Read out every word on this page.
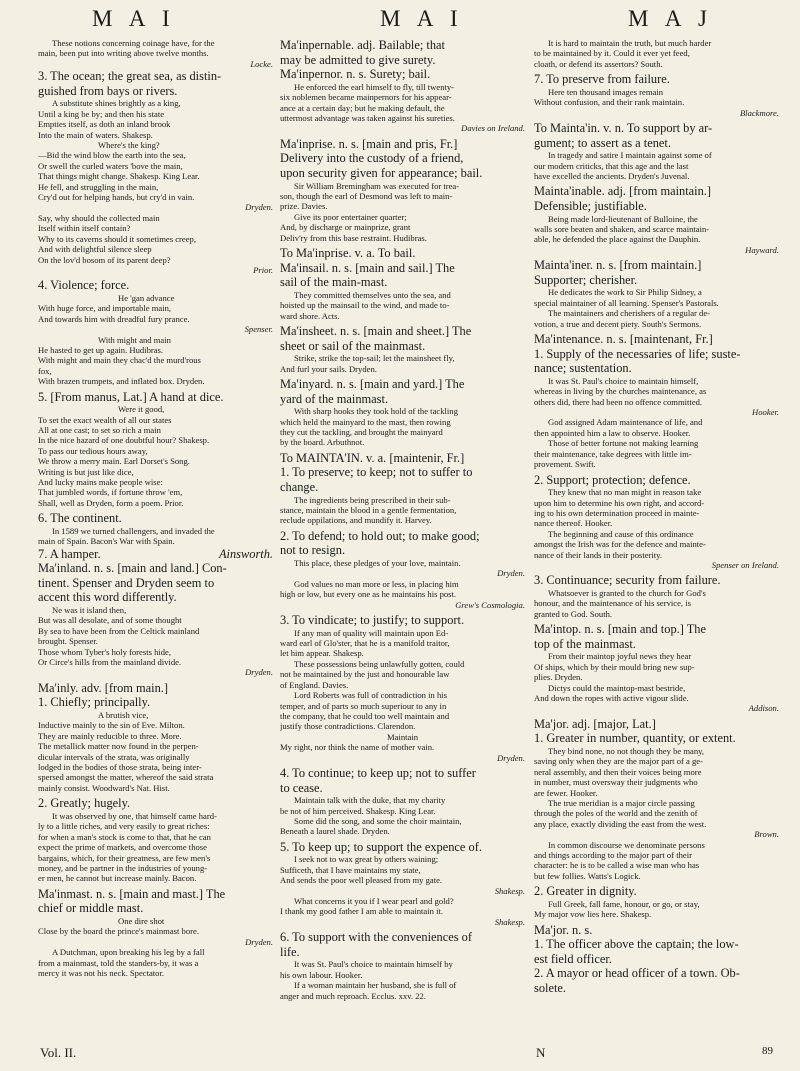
M A I	M A I	M A J

These notions concerning coinage have, for the

main, been put into writing above twelve months.

Locke.

3. The ocean; the great sea, as distin-

guished from bays or rivers.

A substitute shines brightly as a king,

Until a king be by; and then his state

Empties itself, as doth an inland brook

Into the main of waters. Shakesp.

Where's the king?

—Bid the wind blow the earth into the sea,

Or swell the curled waters 'bove the main,

That things might change. Shakesp. King Lear.

He fell, and struggling in the main,

Cry'd out for helping hands, but cry'd in vain.

Dryden.

Say, why should the collected main

Itself within itself contain?

Why to its caverns should it sometimes creep,

And with delightful silence sleep

On the lov'd bosom of its parent deep?

Prior.

4. Violence; force.

He 'gan advance

With huge force, and importable main,

And towards him with dreadful fury prance.

Spenser.

With might and main

He hasted to get up again. Hudibras.

With might and main they chac'd the murd'rous

fox,

With brazen trumpets, and inflated box. Dryden.

5. [From manus, Lat.] A hand at dice.

Were it good,

To set the exact wealth of all our states

All at one cast; to set so rich a main

In the nice hazard of one doubtful hour? Shakesp.

To pass our tedious hours away,

We throw a merry main. Earl Dorset's Song.

Writing is but just like dice,

And lucky mains make people wise:

That jumbled words, if fortune throw 'em,

Shall, well as Dryden, form a poem. Prior.

6. The continent.

In 1589 we turned challengers, and invaded the

main of Spain. Bacon's War with Spain.

7. A hamper.	Ainsworth.

Ma'inland. n. s. [main and land.] Con-

tinent. Spenser and Dryden seem to

accent this word differently.

Ne was it island then,

But was all desolate, and of some thought

By sea to have been from the Celtick mainland

brought. Spenser.

Those whom Tyber's holy forests hide,

Or Circe's hills from the mainland divide.

Dryden.

Ma'inly. adv. [from main.]

1. Chiefly; principally.

A brutish vice,

Inductive mainly to the sin of Eve. Milton.

They are mainly reducible to three. More.

The metallick matter now found in the perpen-

dicular intervals of the strata, was originally

lodged in the bodies of those strata, being inter-

spersed amongst the matter, whereof the said strata

mainly consist. Woodward's Nat. Hist.

2. Greatly; hugely.

It was observed by one, that himself came hard-

ly to a little riches, and very easily to great riches:

for when a man's stock is come to that, that he can

expect the prime of markets, and overcome those

bargains, which, for their greatness, are few men's

money, and be partner in the industries of young-

er men, he cannot but increase mainly. Bacon.

Ma'inmast. n. s. [main and mast.] The

chief or middle mast.

One dire shot

Close by the board the prince's mainmast bore.

Dryden.

A Dutchman, upon breaking his leg by a fall

from a mainmast, told the standers-by, it was a

mercy it was not his neck. Spectator.

Ma'inpernable. adj. Bailable; that

may be admitted to give surety.

Ma'inpernor. n. s. Surety; bail.

He enforced the earl himself to fly, till twenty-

six noblemen became mainpernors for his appear-

ance at a certain day; but he making default, the

uttermost advantage was taken against his sureties.

Davies on Ireland.

Ma'inprise. n. s. [main and pris, Fr.]

Delivery into the custody of a friend,

upon security given for appearance; bail.

Sir William Bremingham was executed for trea-

son, though the earl of Desmond was left to main-

prize. Davies.

Give its poor entertainer quarter;

And, by discharge or mainprize, grant

Deliv'ry from this base restraint. Hudibras.

To Ma'inprise. v. a. To bail.

Ma'insail. n. s. [main and sail.] The

sail of the main-mast.

They committed themselves unto the sea, and

hoisted up the mainsail to the wind, and made to-

ward shore. Acts.

Ma'insheet. n. s. [main and sheet.] The

sheet or sail of the mainmast.

Strike, strike the top-sail; let the mainsheet fly,

And furl your sails. Dryden.

Ma'inyard. n. s. [main and yard.] The

yard of the mainmast.

With sharp hooks they took hold of the tackling

which held the mainyard to the mast, then rowing

they cut the tackling, and brought the mainyard

by the board. Arbuthnot.

To MAINTA'IN. v. a. [maintenir, Fr.]

1. To preserve; to keep; not to suffer to

change.

The ingredients being prescribed in their sub-

stance, maintain the blood in a gentle fermentation,

reclude oppilations, and mundify it. Harvey.

2. To defend; to hold out; to make good;

not to resign.

This place, these pledges of your love, maintain.

Dryden.

God values no man more or less, in placing him

high or low, but every one as he maintains his post.

Grew's Cosmologia.

3. To vindicate; to justify; to support.

If any man of quality will maintain upon Ed-

ward earl of Glo'ster, that he is a manifold traitor,

let him appear. Shakesp.

These possessions being unlawfully gotten, could

not be maintained by the just and honourable law

of England. Davies.

Lord Roberts was full of contradiction in his

temper, and of parts so much superiour to any in

the company, that he could too well maintain and

justify those contradictions. Clarendon.

Maintain

My right, nor think the name of mother vain.

Dryden.

4. To continue; to keep up; not to suffer

to cease.

Maintain talk with the duke, that my charity

be not of him perceived. Shakesp. King Lear.

Some did the song, and some the choir maintain,

Beneath a laurel shade. Dryden.

5. To keep up; to support the expence of.

I seek not to wax great by others waining;

Sufficeth, that I have maintains my state,

And sends the poor well pleased from my gate.

Shakesp.

What concerns it you if I wear pearl and gold?

I thank my good father I am able to maintain it.

Shakesp.

6. To support with the conveniences of

life.

It was St. Paul's choice to maintain himself by

his own labour. Hooker.

If a woman maintain her husband, she is full of

anger and much reproach. Ecclus. xxv. 22.

It is hard to maintain the truth, but much harder

to be maintained by it. Could it ever yet feed,

cloath, or defend its assertors? South.

7. To preserve from failure.

Here ten thousand images remain

Without confusion, and their rank maintain.

Blackmore.

To Mainta'in. v. n. To support by ar-

gument; to assert as a tenet.

In tragedy and satire I maintain against some of

our modern criticks, that this age and the last

have excelled the ancients. Dryden's Juvenal.

Mainta'inable. adj. [from maintain.]

Defensible; justifiable.

Being made lord-lieutenant of Bulloine, the

walls sore beaten and shaken, and scarce maintain-

able, he defended the place against the Dauphin.

Hayward.

Mainta'iner. n. s. [from maintain.]

Supporter; cherisher.

He dedicates the work to Sir Philip Sidney, a

special maintainer of all learning. Spenser's Pastorals.

The maintainers and cherishers of a regular de-

votion, a true and decent piety. South's Sermons.

Ma'intenance. n. s. [maintenant, Fr.]

1. Supply of the necessaries of life; suste-

nance; sustentation.

It was St. Paul's choice to maintain himself,

whereas in living by the churches maintenance, as

others did, there had been no offence committed.

Hooker.

God assigned Adam maintenance of life, and

then appointed him a law to observe. Hooker.

Those of better fortune not making learning

their maintenance, take degrees with little im-

provement. Swift.

2. Support; protection; defence.

They knew that no man might in reason take

upon him to determine his own right, and accord-

ing to his own determination proceed in mainte-

nance thereof. Hooker.

The beginning and cause of this ordinance

amongst the Irish was for the defence and mainte-

nance of their lands in their posterity.

Spenser on Ireland.

3. Continuance; security from failure.

Whatsoever is granted to the church for God's

honour, and the maintenance of his service, is

granted to God. South.

Ma'intop. n. s. [main and top.] The

top of the mainmast.

From their maintop joyful news they hear

Of ships, which by their mould bring new sup-

plies. Dryden.

Dictys could the maintop-mast bestride,

And down the ropes with active vigour slide.

Addison.

Ma'jor. adj. [major, Lat.]

1. Greater in number, quantity, or extent.

They bind none, no not though they be many,

saving only when they are the major part of a ge-

neral assembly, and then their voices being more

in number, must oversway their judgments who

are fewer. Hooker.

The true meridian is a major circle passing

through the poles of the world and the zenith of

any place, exactly dividing the east from the west.

Brown.

In common discourse we denominate persons

and things according to the major part of their

character: he is to be called a wise man who has

but few follies. Watts's Logick.

2. Greater in dignity.

Full Greek, fall fame, honour, or go, or stay,

My major vow lies here. Shakesp.

Ma'jor. n. s.

1. The officer above the captain; the low-

est field officer.

2. A mayor or head officer of a town. Ob-

solete.

Vol. II.	N	89
